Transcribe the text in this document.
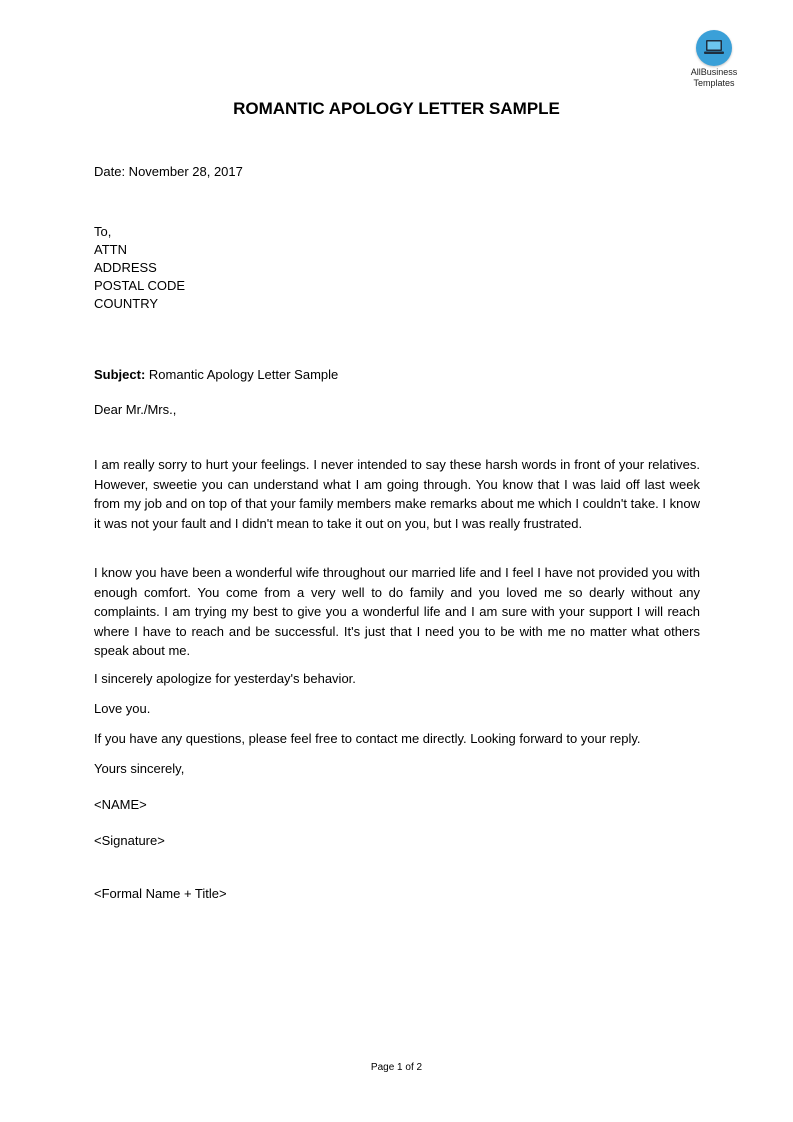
AllBusiness
Templates
ROMANTIC APOLOGY LETTER SAMPLE
Date: November 28, 2017
To,
ATTN
ADDRESS
POSTAL CODE
COUNTRY
Subject: Romantic Apology Letter Sample
Dear Mr./Mrs.,
I am really sorry to hurt your feelings. I never intended to say these harsh words in front of your relatives. However, sweetie you can understand what I am going through. You know that I was laid off last week from my job and on top of that your family members make remarks about me which I couldn't take. I know it was not your fault and I didn't mean to take it out on you, but I was really frustrated.
I know you have been a wonderful wife throughout our married life and I feel I have not provided you with enough comfort. You come from a very well to do family and you loved me so dearly without any complaints. I am trying my best to give you a wonderful life and I am sure with your support I will reach where I have to reach and be successful. It's just that I need you to be with me no matter what others speak about me.
I sincerely apologize for yesterday's behavior.
Love you.
If you have any questions, please feel free to contact me directly. Looking forward to your reply.
Yours sincerely,
<NAME>
<Signature>
<Formal Name + Title>
Page 1 of 2
